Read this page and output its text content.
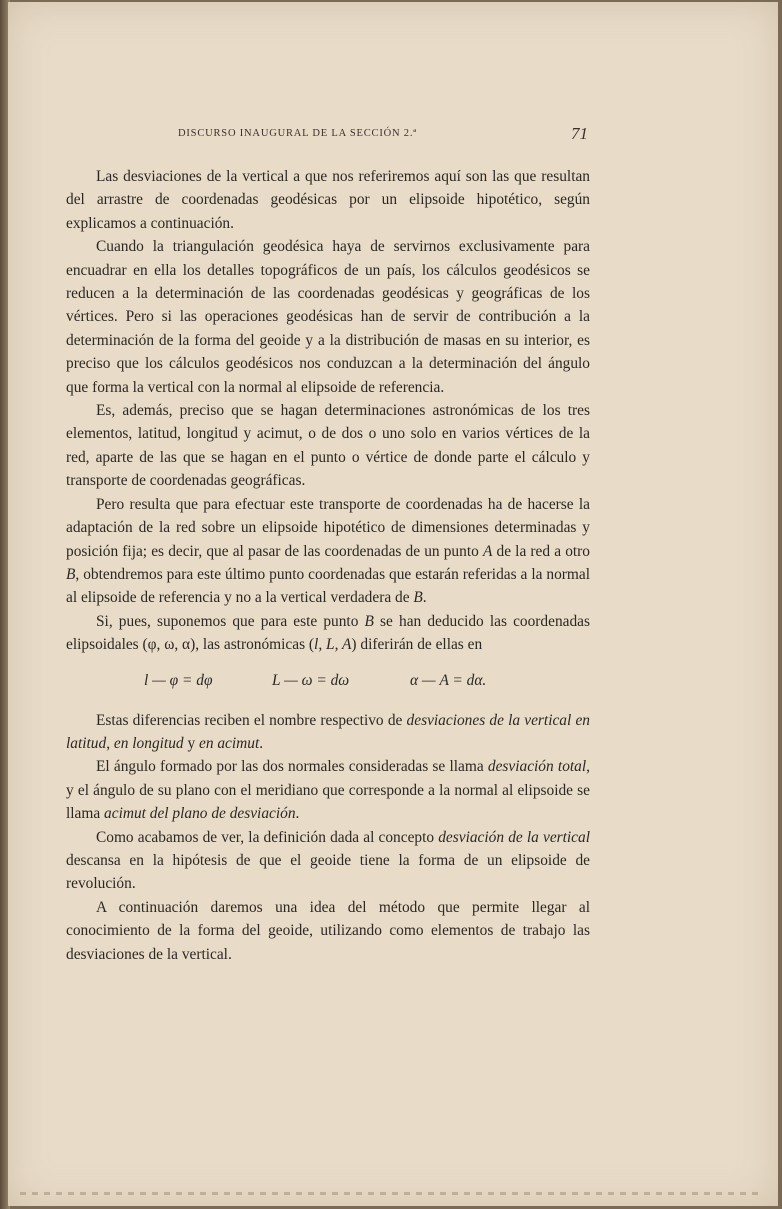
DISCURSO INAUGURAL DE LA SECCIÓN 2.ª	71

Las desviaciones de la vertical a que nos referiremos aquí son las que resultan del arrastre de coordenadas geodésicas por un elipsoide hipotético, según explicamos a continuación.

Cuando la triangulación geodésica haya de servirnos exclusivamente para encuadrar en ella los detalles topográficos de un país, los cálculos geodésicos se reducen a la determinación de las coordenadas geodésicas y geográficas de los vértices. Pero si las operaciones geodésicas han de servir de contribución a la determinación de la forma del geoide y a la distribución de masas en su interior, es preciso que los cálculos geodésicos nos conduzcan a la determinación del ángulo que forma la vertical con la normal al elipsoide de referencia.

Es, además, preciso que se hagan determinaciones astronómicas de los tres elementos, latitud, longitud y acimut, o de dos o uno solo en varios vértices de la red, aparte de las que se hagan en el punto o vértice de donde parte el cálculo y transporte de coordenadas geográficas.

Pero resulta que para efectuar este transporte de coordenadas ha de hacerse la adaptación de la red sobre un elipsoide hipotético de dimensiones determinadas y posición fija; es decir, que al pasar de las coordenadas de un punto A de la red a otro B, obtendremos para este último punto coordenadas que estarán referidas a la normal al elipsoide de referencia y no a la vertical verdadera de B.

Si, pues, suponemos que para este punto B se han deducido las coordenadas elipsoidales (φ, ω, α), las astronómicas (l, L, A) diferirán de ellas en

l — φ = dφ	L — ω = dω	α — A = dα.

Estas diferencias reciben el nombre respectivo de desviaciones de la vertical en latitud, en longitud y en acimut.

El ángulo formado por las dos normales consideradas se llama desviación total, y el ángulo de su plano con el meridiano que corresponde a la normal al elipsoide se llama acimut del plano de desviación.

Como acabamos de ver, la definición dada al concepto desviación de la vertical descansa en la hipótesis de que el geoide tiene la forma de un elipsoide de revolución.

A continuación daremos una idea del método que permite llegar al conocimiento de la forma del geoide, utilizando como elementos de trabajo las desviaciones de la vertical.
